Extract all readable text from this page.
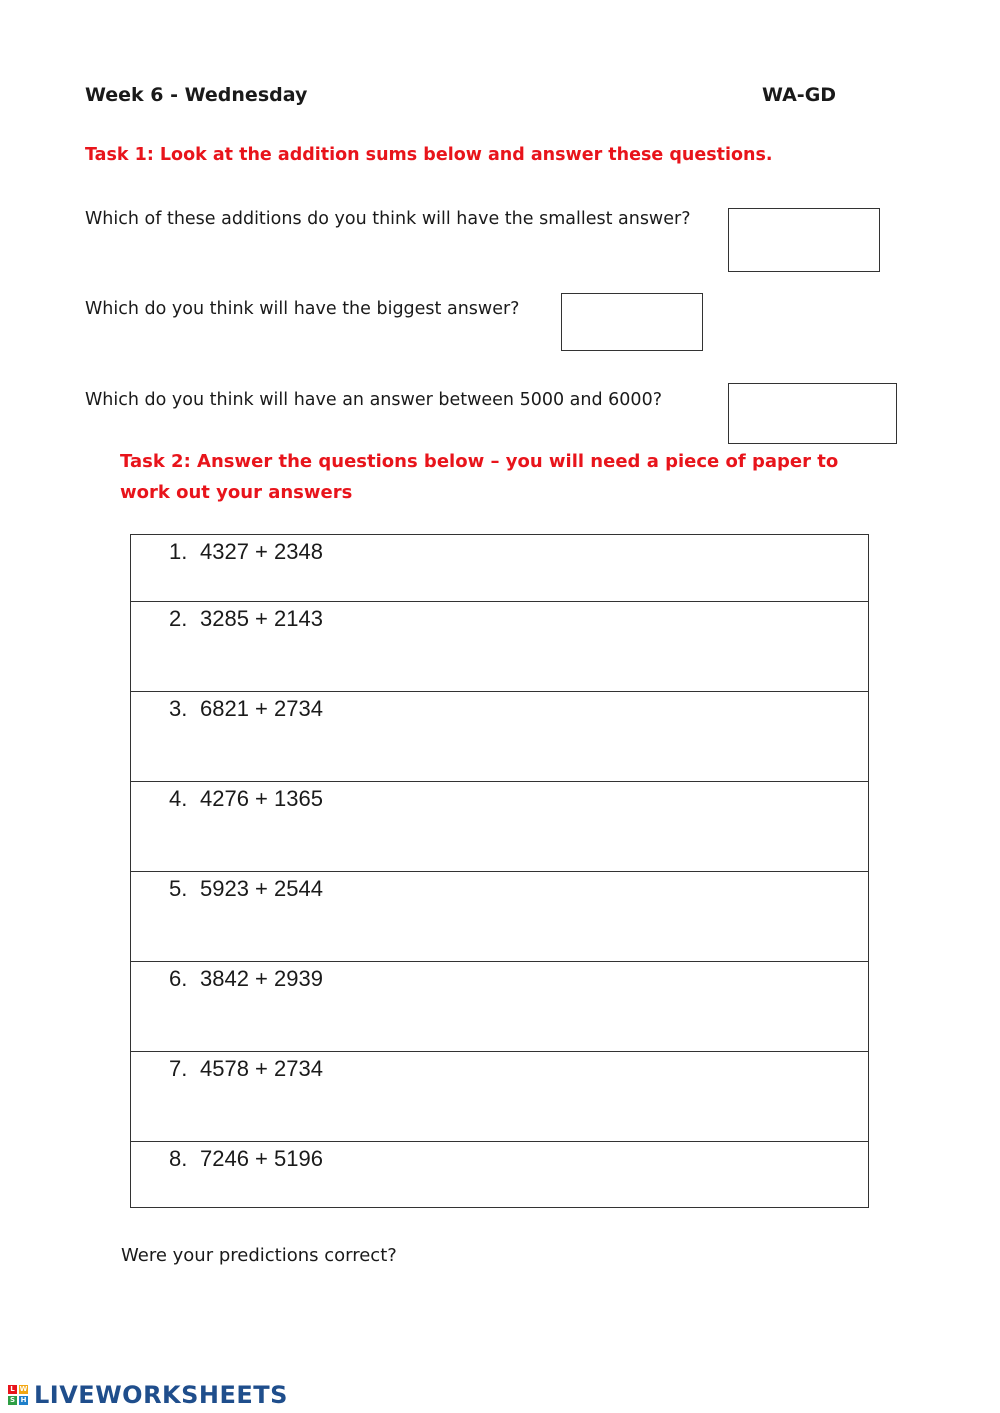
Week 6 - Wednesday	WA-GD
Task 1: Look at the addition sums below and answer these questions.
Which of these additions do you think will have the smallest answer?
Which do you think will have the biggest answer?
Which do you think will have an answer between 5000 and 6000?
Task 2: Answer the questions below – you will need a piece of paper to
work out your answers
1. 4327 + 2348
2. 3285 + 2143
3. 6821 + 2734
4. 4276 + 1365
5. 5923 + 2544
6. 3842 + 2939
7. 4578 + 2734
8. 7246 + 5196
Were your predictions correct?
L W
S H LIVEWORKSHEETS
